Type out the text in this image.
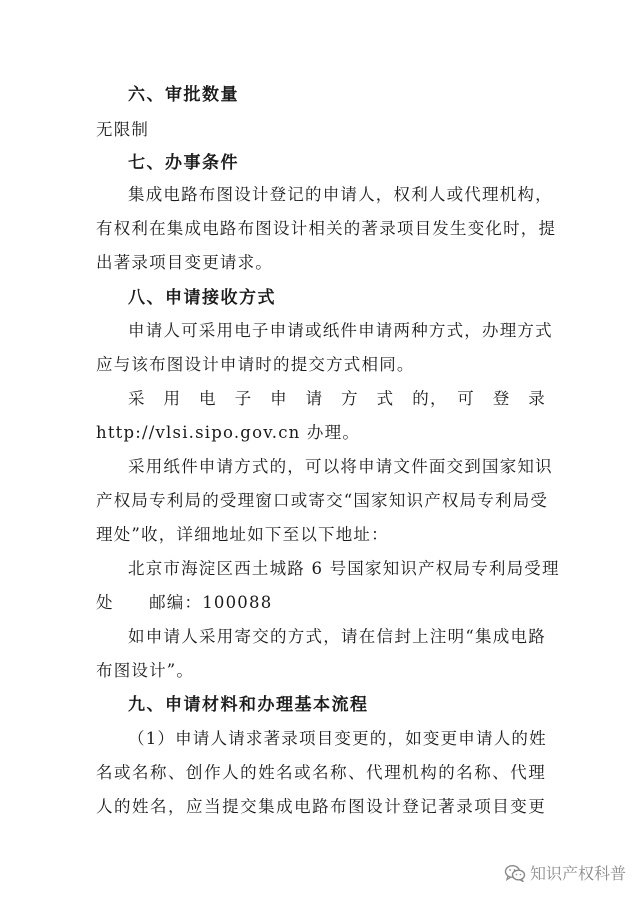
六、审批数量
无限制
七、办事条件
集成电路布图设计登记的申请人，权利人或代理机构，
有权利在集成电路布图设计相关的著录项目发生变化时，提
出著录项目变更请求。
八、申请接收方式
申请人可采用电子申请或纸件申请两种方式，办理方式
应与该布图设计申请时的提交方式相同。
采　用　电　子　申　请　方　式　的，　可　登　录
http://vlsi.sipo.gov.cn 办理。
采用纸件申请方式的，可以将申请文件面交到国家知识
产权局专利局的受理窗口或寄交“国家知识产权局专利局受
理处”收，详细地址如下至以下地址：
北京市海淀区西土城路 6 号国家知识产权局专利局受理
处　　邮编：100088
如申请人采用寄交的方式，请在信封上注明“集成电路
布图设计”。
九、申请材料和办理基本流程
（1）申请人请求著录项目变更的，如变更申请人的姓
名或名称、创作人的姓名或名称、代理机构的名称、代理
人的姓名，应当提交集成电路布图设计登记著录项目变更
知识产权科普
